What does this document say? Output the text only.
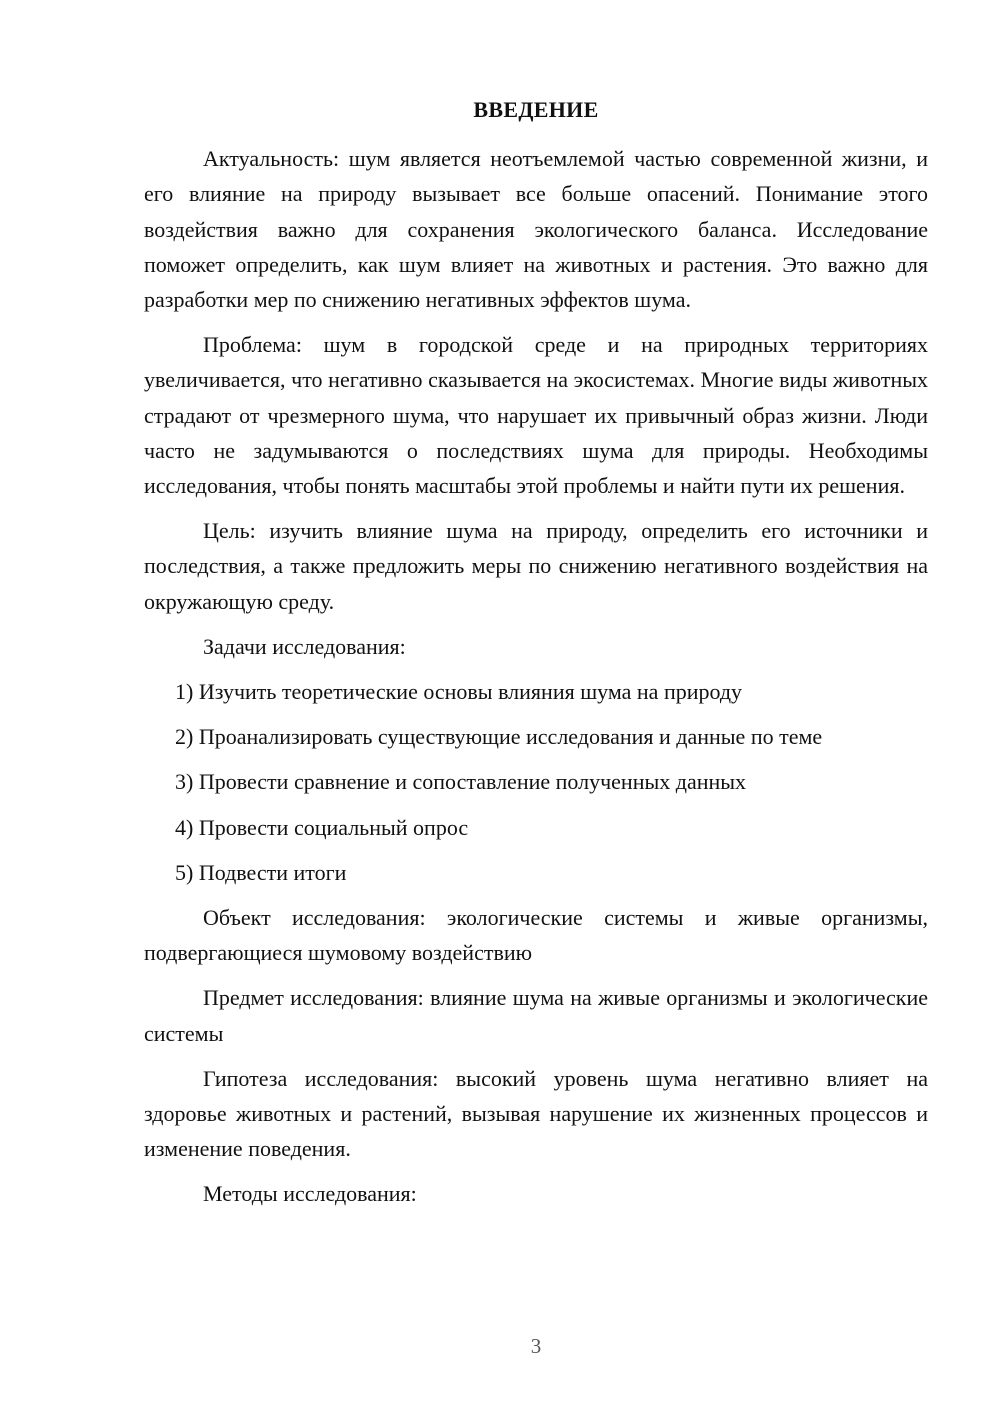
ВВЕДЕНИЕ

Актуальность: шум является неотъемлемой частью современной жизни, и его влияние на природу вызывает все больше опасений. Понимание этого воздействия важно для сохранения экологического баланса. Исследование поможет определить, как шум влияет на животных и растения. Это важно для разработки мер по снижению негативных эффектов шума.

Проблема: шум в городской среде и на природных территориях увеличивается, что негативно сказывается на экосистемах. Многие виды животных страдают от чрезмерного шума, что нарушает их привычный образ жизни. Люди часто не задумываются о последствиях шума для природы. Необходимы исследования, чтобы понять масштабы этой проблемы и найти пути их решения.

Цель: изучить влияние шума на природу, определить его источники и последствия, а также предложить меры по снижению негативного воздействия на окружающую среду.

Задачи исследования:

1) Изучить теоретические основы влияния шума на природу

2) Проанализировать существующие исследования и данные по теме

3) Провести сравнение и сопоставление полученных данных

4) Провести социальный опрос

5) Подвести итоги

Объект исследования: экологические системы и живые организмы, подвергающиеся шумовому воздействию

Предмет исследования: влияние шума на живые организмы и экологические системы

Гипотеза исследования: высокий уровень шума негативно влияет на здоровье животных и растений, вызывая нарушение их жизненных процессов и изменение поведения.

Методы исследования:

3
